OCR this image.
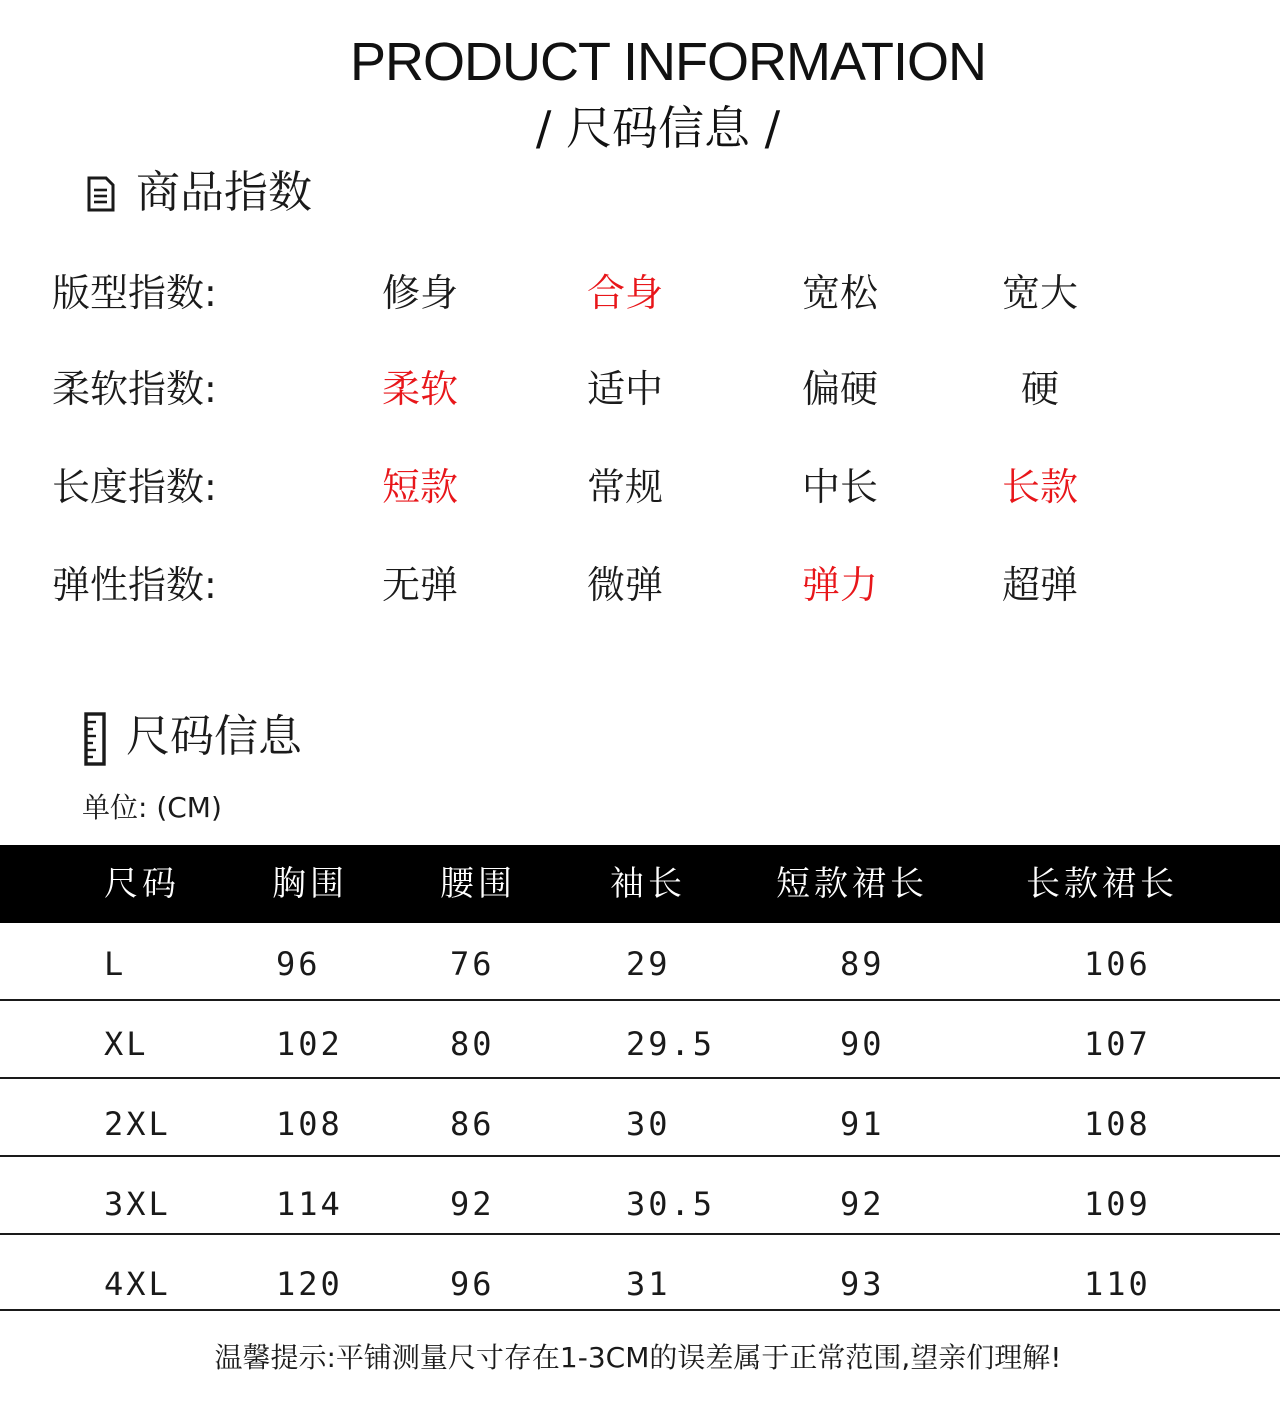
PRODUCT INFORMATION
/ 尺码信息 /
商品指数
版型指数:	修身	合身	宽松	宽大
柔软指数:	柔软	适中	偏硬	硬
长度指数:	短款	常规	中长	长款
弹性指数:	无弹	微弹	弹力	超弹
尺码信息
单位: (CM)
尺码	胸围	腰围	袖长	短款裙长	长款裙长
L	96	76	29	89	106
XL	102	80	29.5	90	107
2XL	108	86	30	91	108
3XL	114	92	30.5	92	109
4XL	120	96	31	93	110
温馨提示:平铺测量尺寸存在1-3CM的误差属于正常范围,望亲们理解!
